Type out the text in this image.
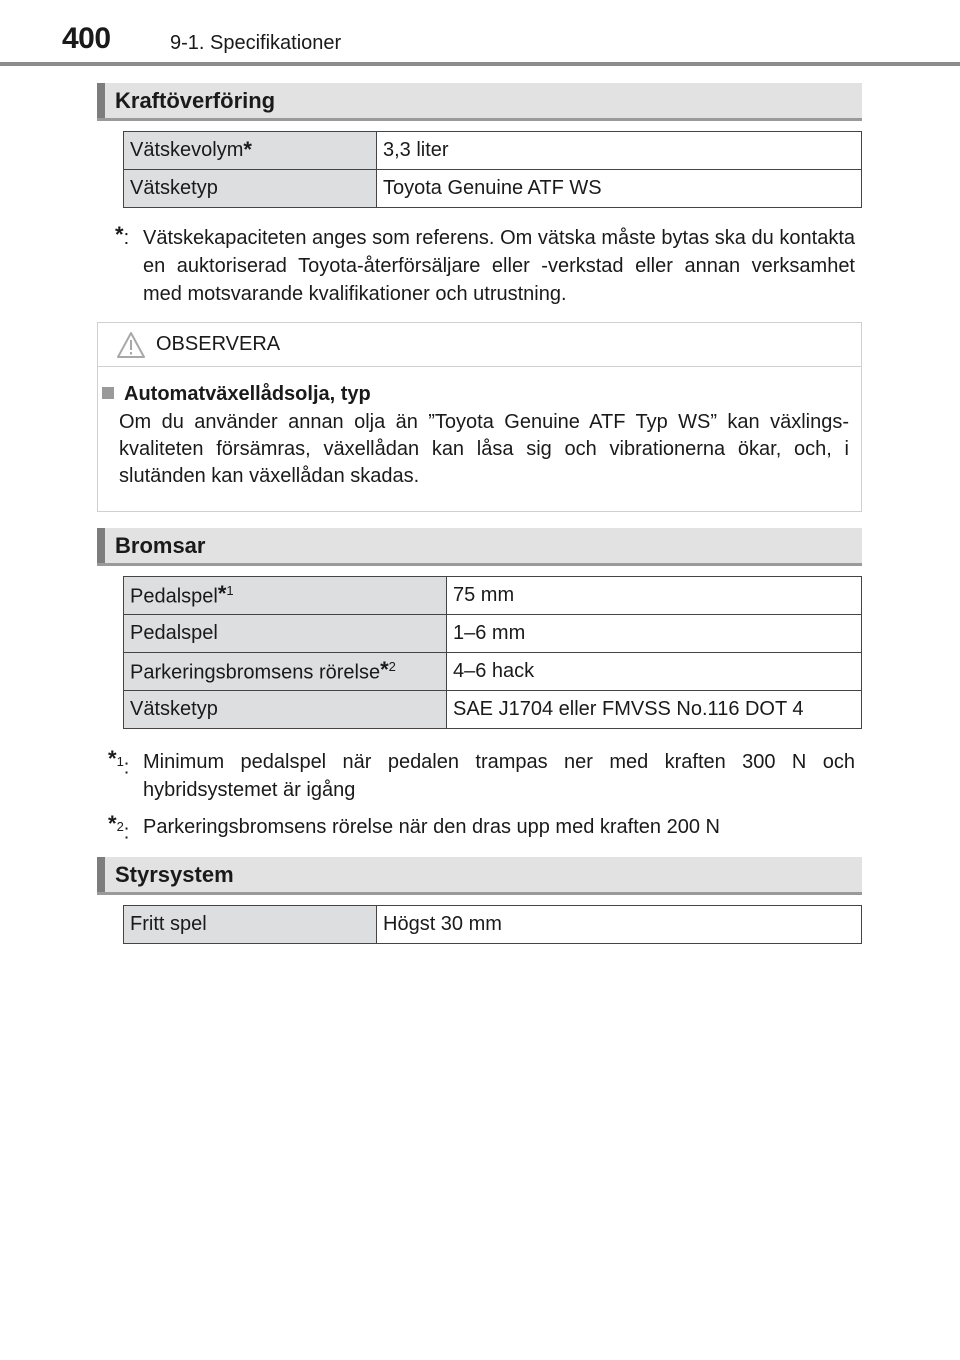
400	9-1. Specifikationer
Kraftöverföring
Vätskevolym*	3,3 liter
Vätsketyp	Toyota Genuine ATF WS
*: Vätskekapaciteten anges som referens. Om vätska måste bytas ska du kontakta en auktoriserad Toyota-återförsäljare eller -verkstad eller annan verksamhet med motsvarande kvalifikationer och utrustning.
OBSERVERA
Automatväxellådsolja, typ
Om du använder annan olja än ”Toyota Genuine ATF Typ WS” kan växlings-kvaliteten försämras, växellådan kan låsa sig och vibrationerna ökar, och, i slutänden kan växellådan skadas.
Bromsar
Pedalspel*$^1$	75 mm
Pedalspel	1–6 mm
Parkeringsbromsens rörelse*$^2$	4–6 hack
Vätsketyp	SAE J1704 eller FMVSS No.116 DOT 4
*$^1$: Minimum pedalspel när pedalen trampas ner med kraften 300 N och hybridsystemet är igång
*$^2$: Parkeringsbromsens rörelse när den dras upp med kraften 200 N
Styrsystem
Fritt spel	Högst 30 mm
